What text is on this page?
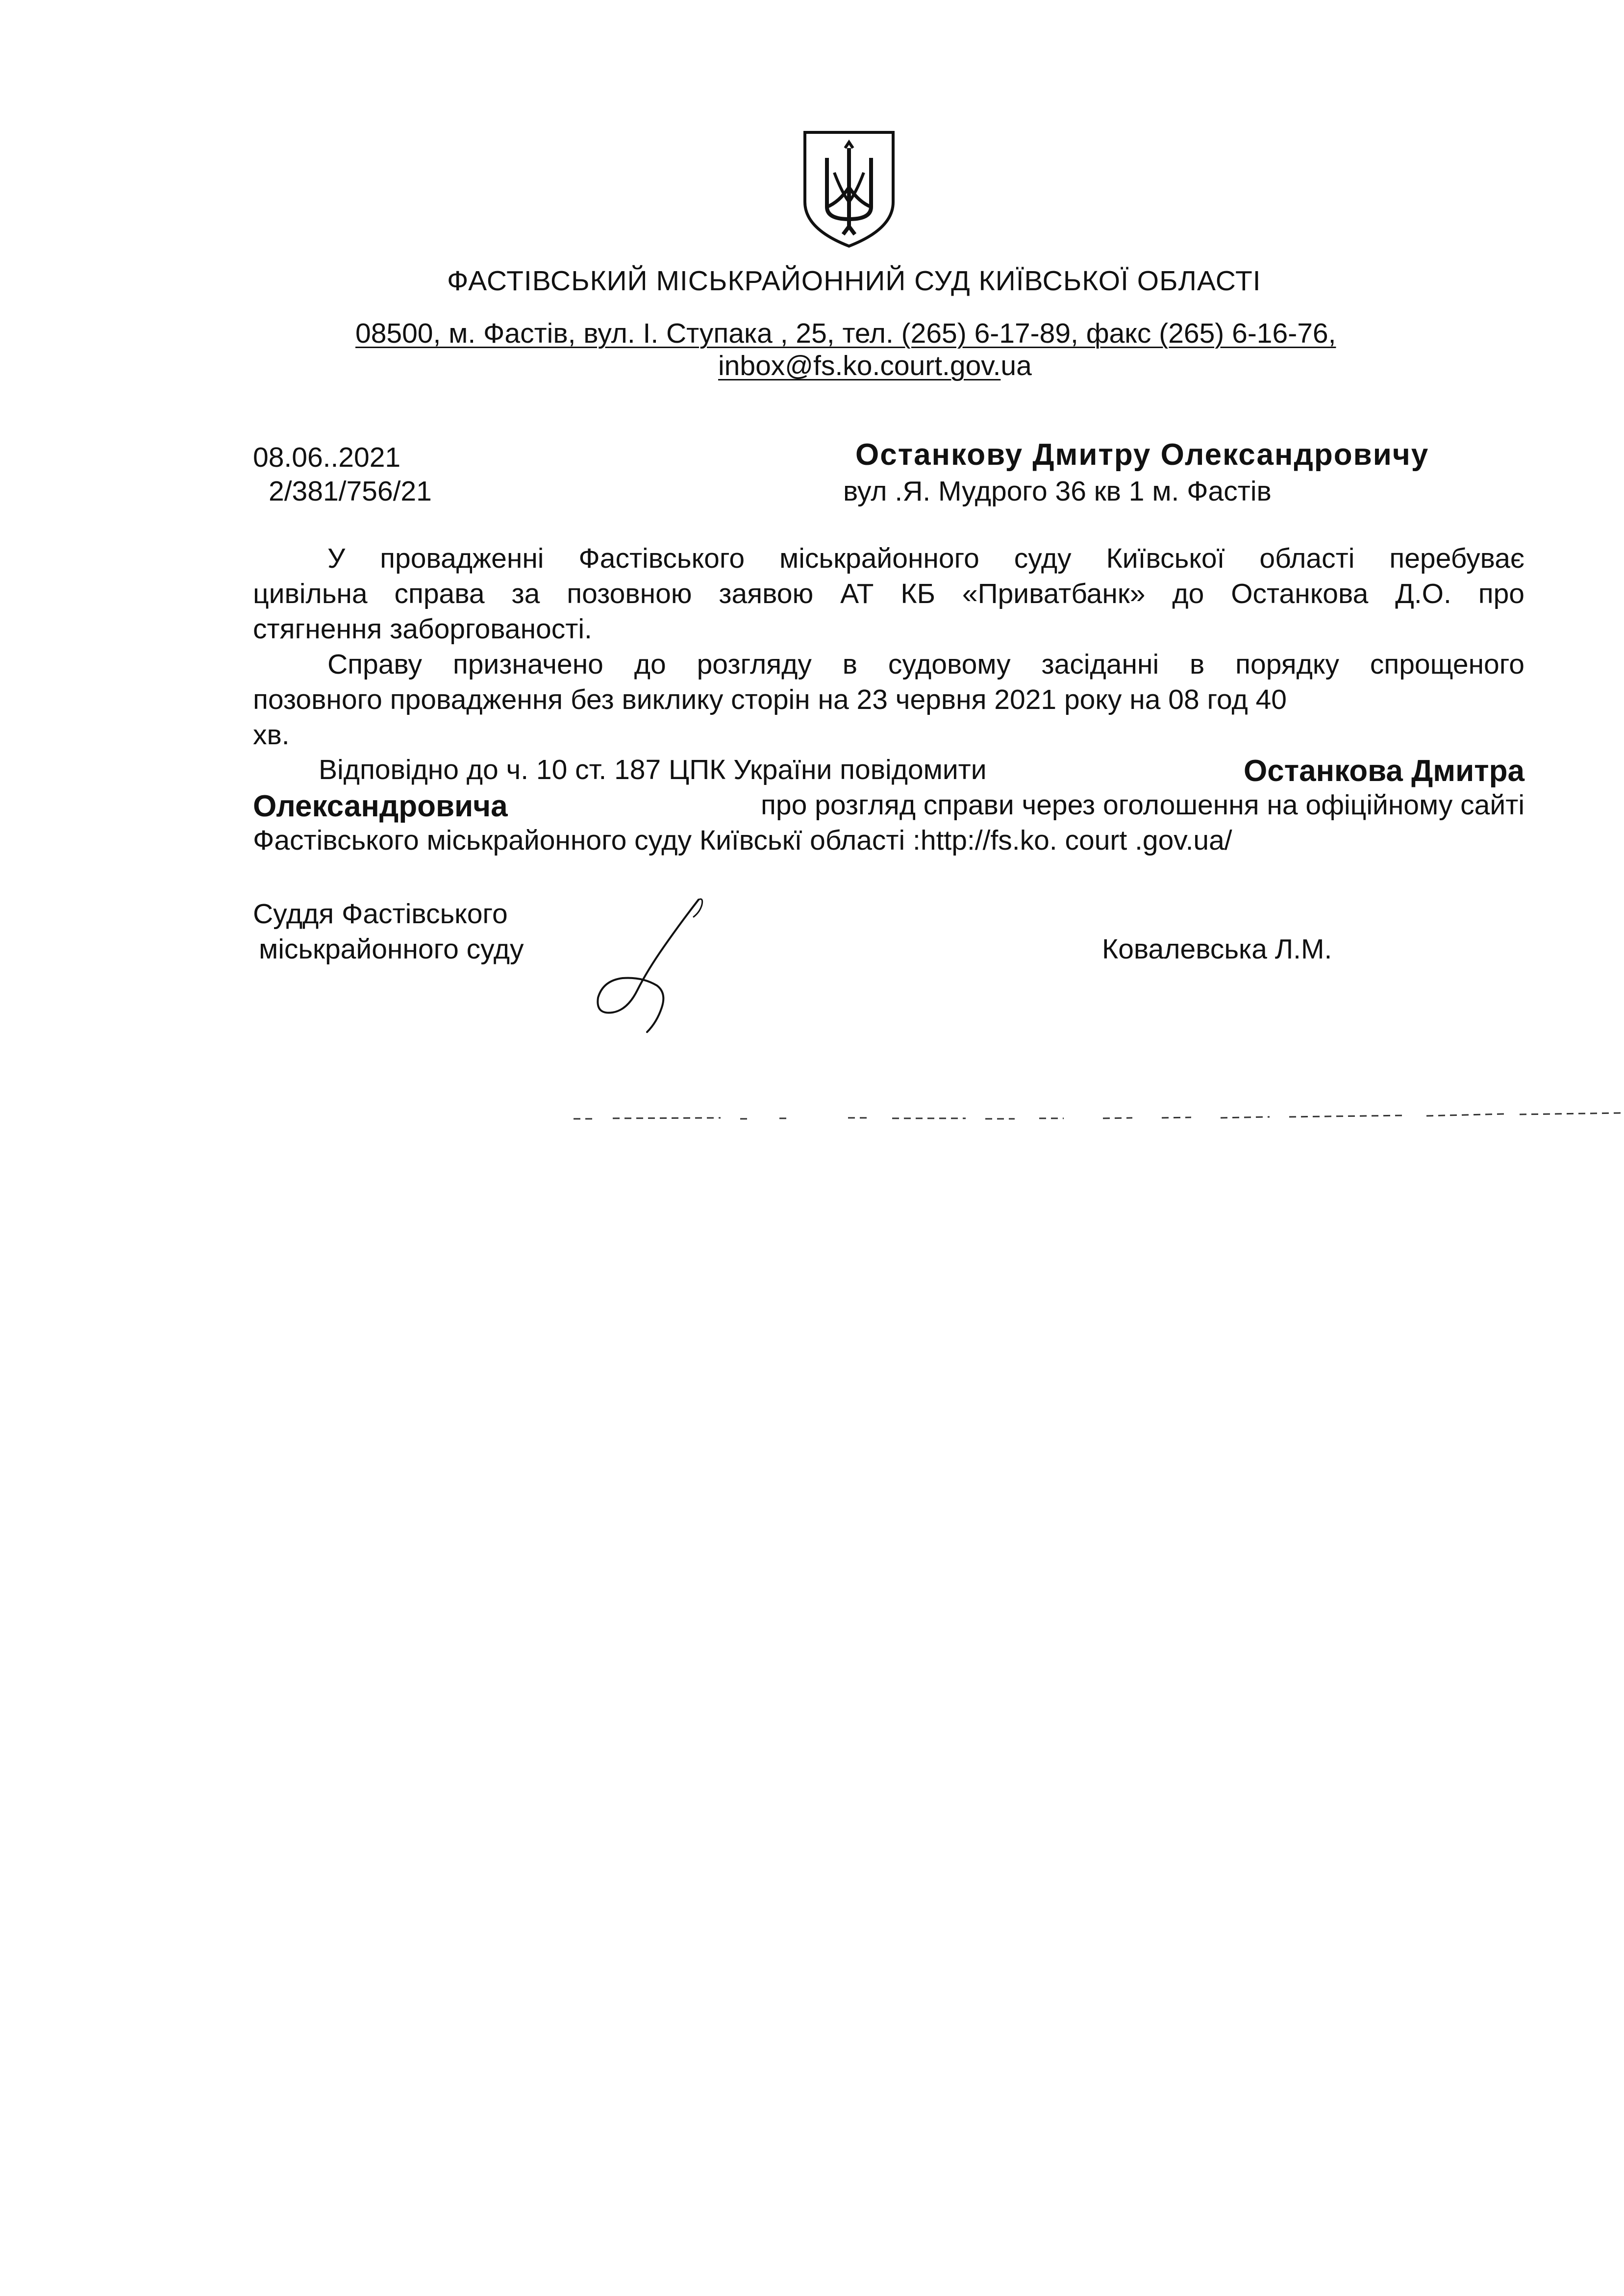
ФАСТІВСЬКИЙ МІСЬКРАЙОННИЙ СУД КИЇВСЬКОЇ ОБЛАСТІ
08500, м. Фастів, вул. І. Ступака , 25, тел. (265) 6-17-89, факс (265) 6-16-76,
inbox@fs.ko.court.gov.ua
08.06..2021
2/381/756/21
Останкову Дмитру Олександровичу
вул .Я. Мудрого 36 кв 1 м. Фастів
У провадженні Фастівського міськрайонного суду Київської області перебуває
цивільна справа за позовною заявою АТ КБ «Приватбанк» до Останкова Д.О. про
стягнення заборгованості.
Справу призначено до розгляду в судовому засіданні в порядку спрощеного
позовного провадження без виклику сторін на 23 червня 2021 року на 08 год 40
хв.
Відповідно до ч. 10 ст. 187 ЦПК України повідомити	Останкова Дмитра
Олександровича	про розгляд справи через оголошення на офіційному сайті
Фастівського міськрайонного суду Київськї області :http://fs.ko. court .gov.ua/
Суддя Фастівського
міськрайонного суду	Ковалевська Л.М.
